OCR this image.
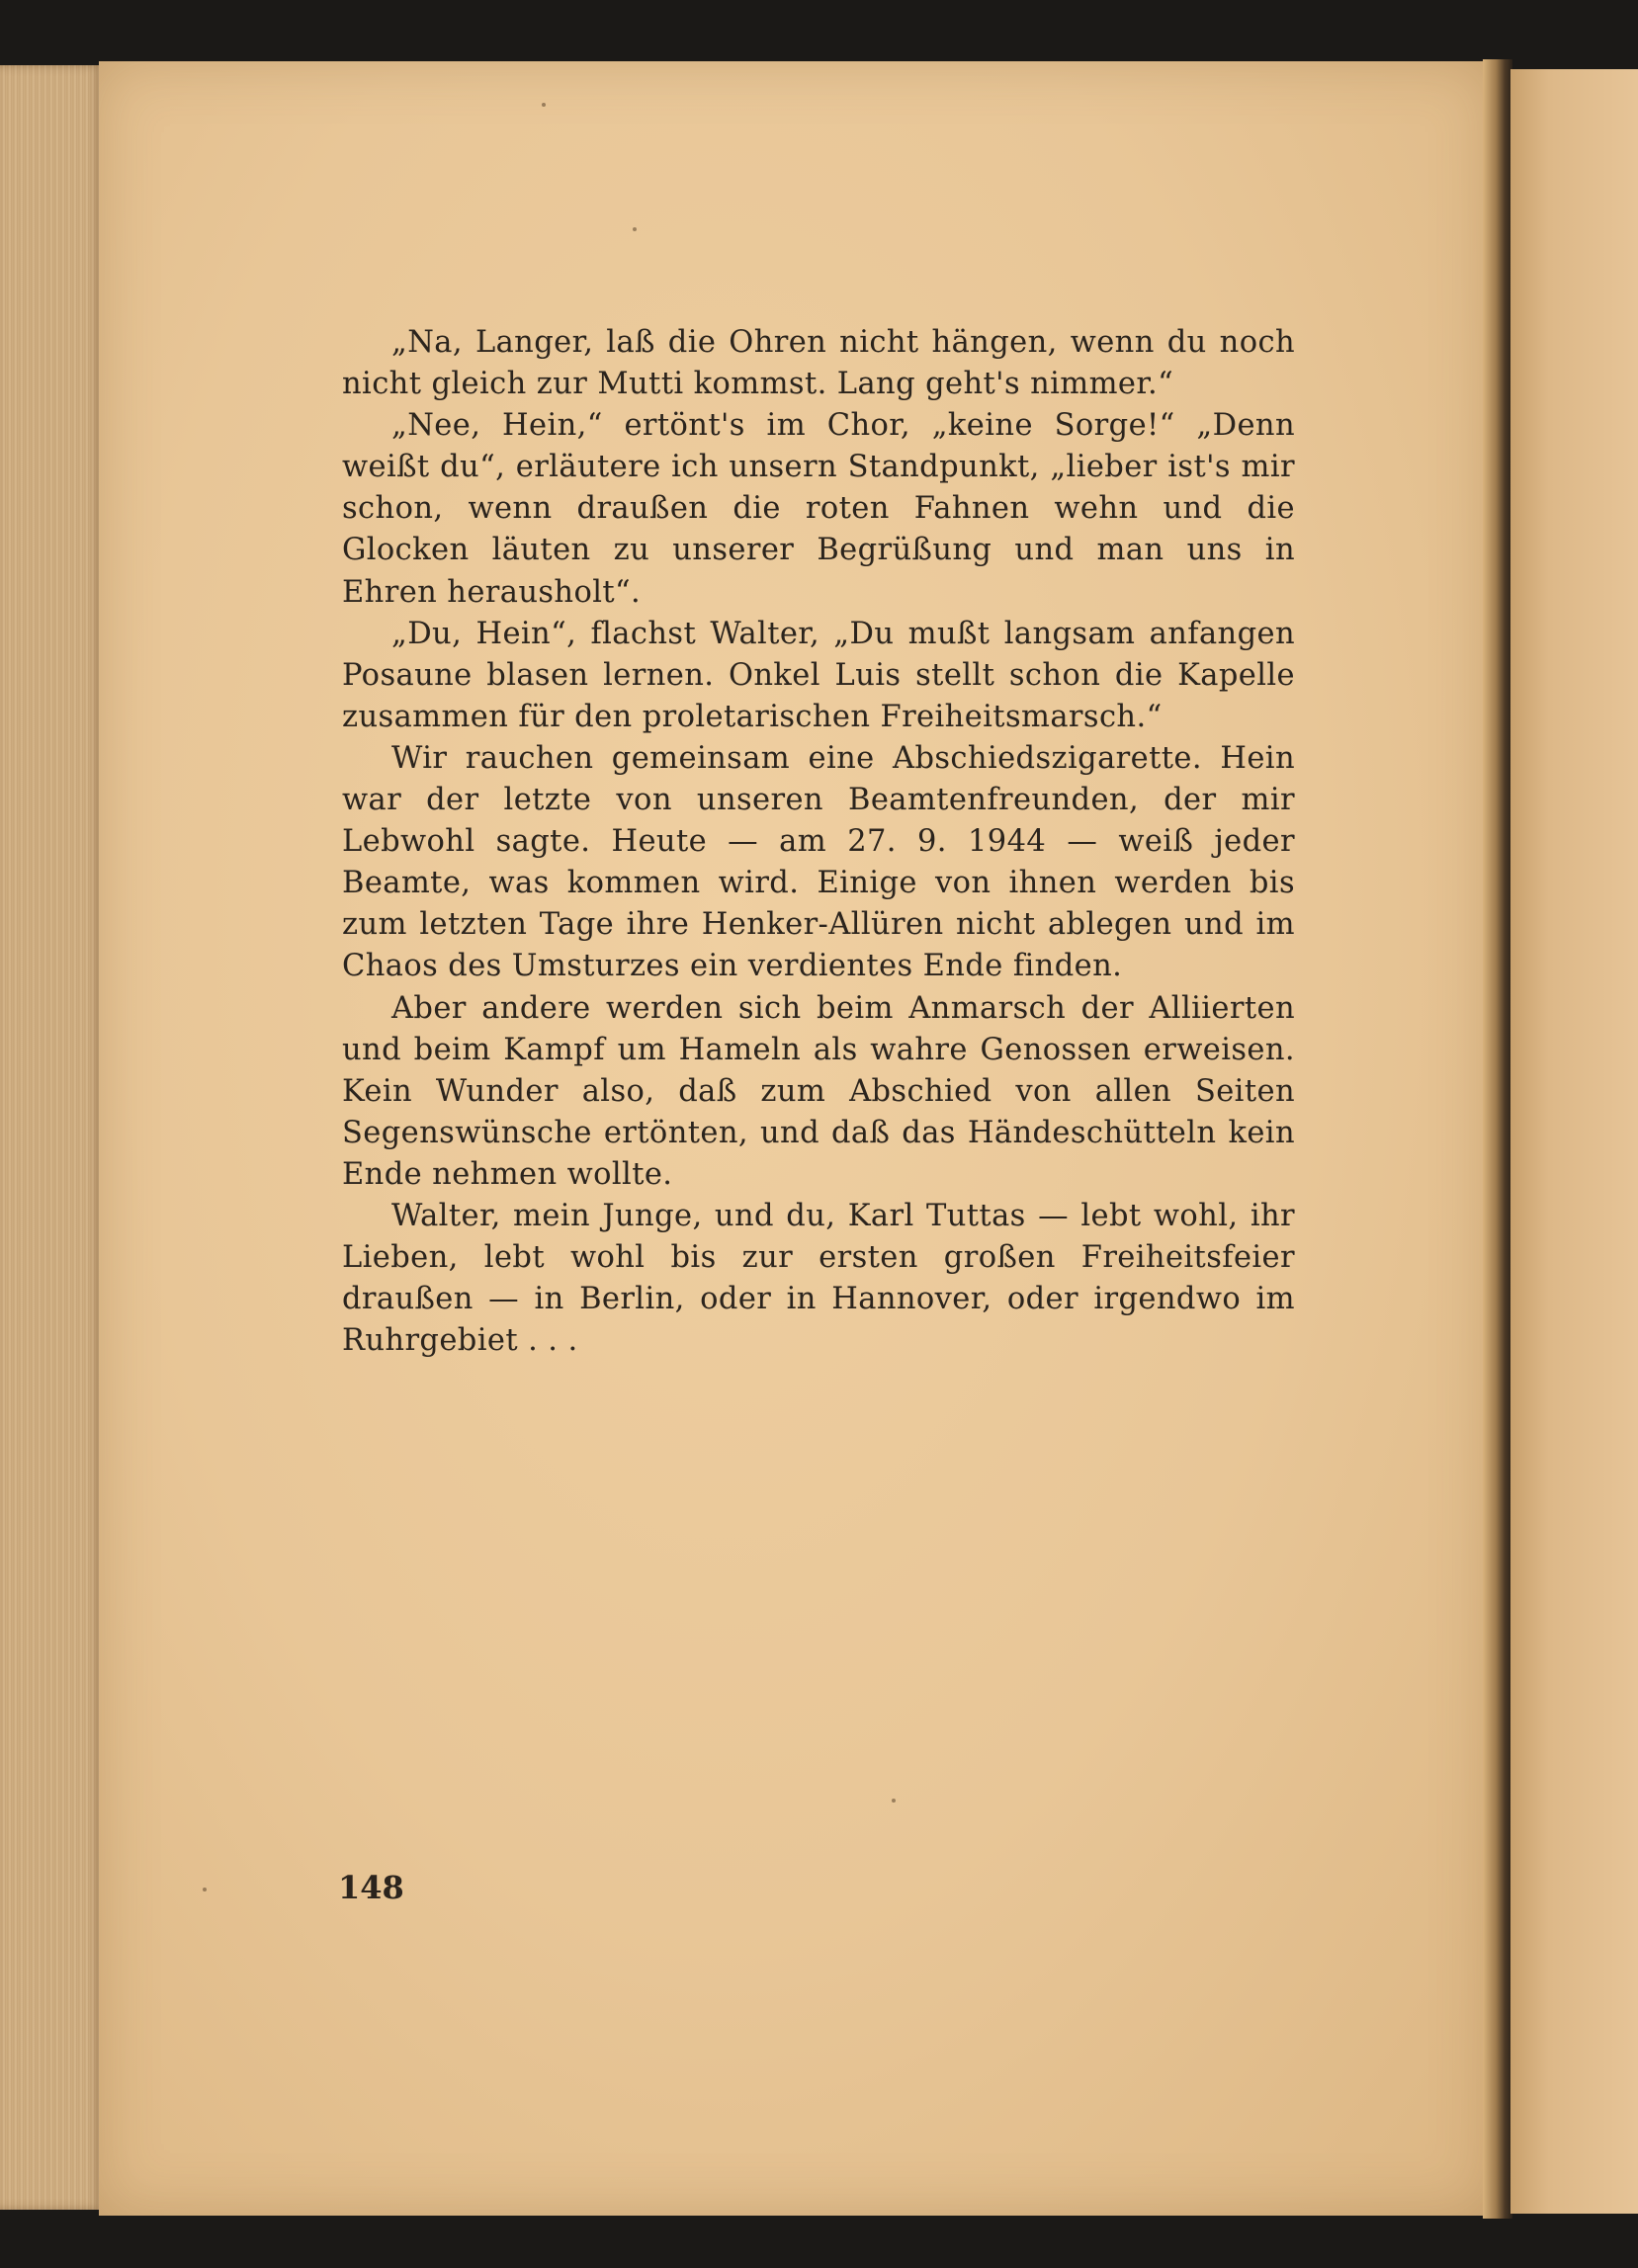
„Na, Langer, laß die Ohren nicht hängen, wenn du noch nicht gleich zur Mutti kommst. Lang geht's nimmer.“

„Nee, Hein,“ ertönt's im Chor, „keine Sorge!“ „Denn weißt du“, erläutere ich unsern Standpunkt, „lieber ist's mir schon, wenn draußen die roten Fahnen wehn und die Glocken läuten zu unserer Begrüßung und man uns in Ehren herausholt“.

„Du, Hein“, flachst Walter, „Du mußt langsam anfangen Posaune blasen lernen. Onkel Luis stellt schon die Kapelle zusammen für den proletarischen Freiheitsmarsch.“

Wir rauchen gemeinsam eine Abschiedszigarette. Hein war der letzte von unseren Beamtenfreunden, der mir Lebwohl sagte. Heute — am 27. 9. 1944 — weiß jeder Beamte, was kommen wird. Einige von ihnen werden bis zum letzten Tage ihre Henker-Allüren nicht ablegen und im Chaos des Umsturzes ein verdientes Ende finden.

Aber andere werden sich beim Anmarsch der Alliierten und beim Kampf um Hameln als wahre Genossen erweisen. Kein Wunder also, daß zum Abschied von allen Seiten Segenswünsche ertönten, und daß das Händeschütteln kein Ende nehmen wollte.

Walter, mein Junge, und du, Karl Tuttas — lebt wohl, ihr Lieben, lebt wohl bis zur ersten großen Freiheitsfeier draußen — in Berlin, oder in Hannover, oder irgendwo im Ruhrgebiet . . .

148
